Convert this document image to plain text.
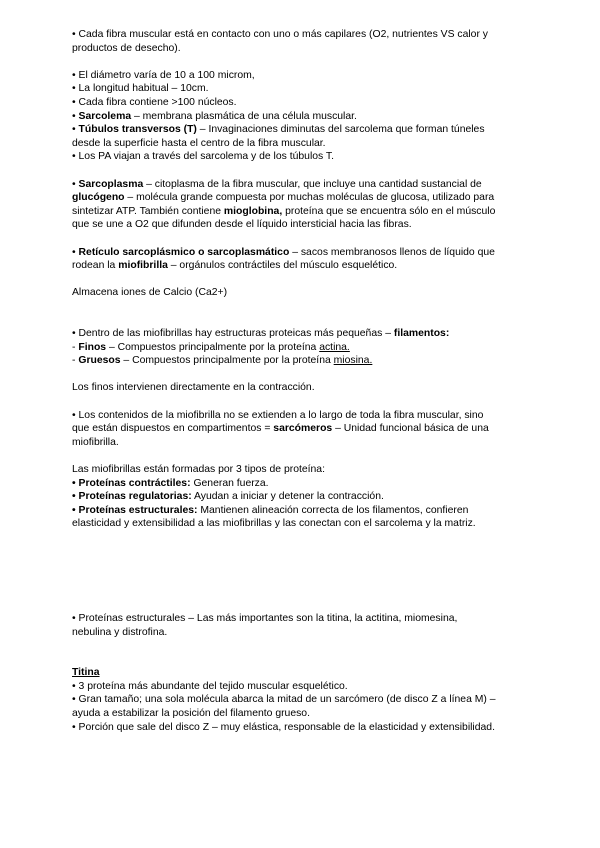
• Cada fibra muscular está en contacto con uno o más capilares (O2, nutrientes VS calor y
productos de desecho).
• El diámetro varía de 10 a 100 microm,
• La longitud habitual – 10cm.
• Cada fibra contiene >100 núcleos.
• Sarcolema – membrana plasmática de una célula muscular.
• Túbulos transversos (T) – Invaginaciones diminutas del sarcolema que forman túneles
desde la superficie hasta el centro de la fibra muscular.
• Los PA viajan a través del sarcolema y de los túbulos T.
• Sarcoplasma – citoplasma de la fibra muscular, que incluye una cantidad sustancial de
glucógeno – molécula grande compuesta por muchas moléculas de glucosa, utilizado para
sintetizar ATP. También contiene mioglobina, proteína que se encuentra sólo en el músculo
que se une a O2 que difunden desde el líquido intersticial hacia las fibras.
• Retículo sarcoplásmico o sarcoplasmático – sacos membranosos llenos de líquido que
rodean la miofibrilla – orgánulos contráctiles del músculo esquelético.
Almacena iones de Calcio (Ca2+)
• Dentro de las miofibrillas hay estructuras proteicas más pequeñas – filamentos:
- Finos – Compuestos principalmente por la proteína actina.
- Gruesos – Compuestos principalmente por la proteína miosina.
Los finos intervienen directamente en la contracción.
• Los contenidos de la miofibrilla no se extienden a lo largo de toda la fibra muscular, sino
que están dispuestos en compartimentos = sarcómeros – Unidad funcional básica de una
miofibrilla.
Las miofibrillas están formadas por 3 tipos de proteína:
• Proteínas contráctiles: Generan fuerza.
• Proteínas regulatorias: Ayudan a iniciar y detener la contracción.
• Proteínas estructurales: Mantienen alineación correcta de los filamentos, confieren
elasticidad y extensibilidad a las miofibrillas y las conectan con el sarcolema y la matriz.
• Proteínas estructurales – Las más importantes son la titina, la actitina, miomesina,
nebulina y distrofina.
Titina
• 3 proteína más abundante del tejido muscular esquelético.
• Gran tamaño; una sola molécula abarca la mitad de un sarcómero (de disco Z a línea M) –
ayuda a estabilizar la posición del filamento grueso.
• Porción que sale del disco Z – muy elástica, responsable de la elasticidad y extensibilidad.
